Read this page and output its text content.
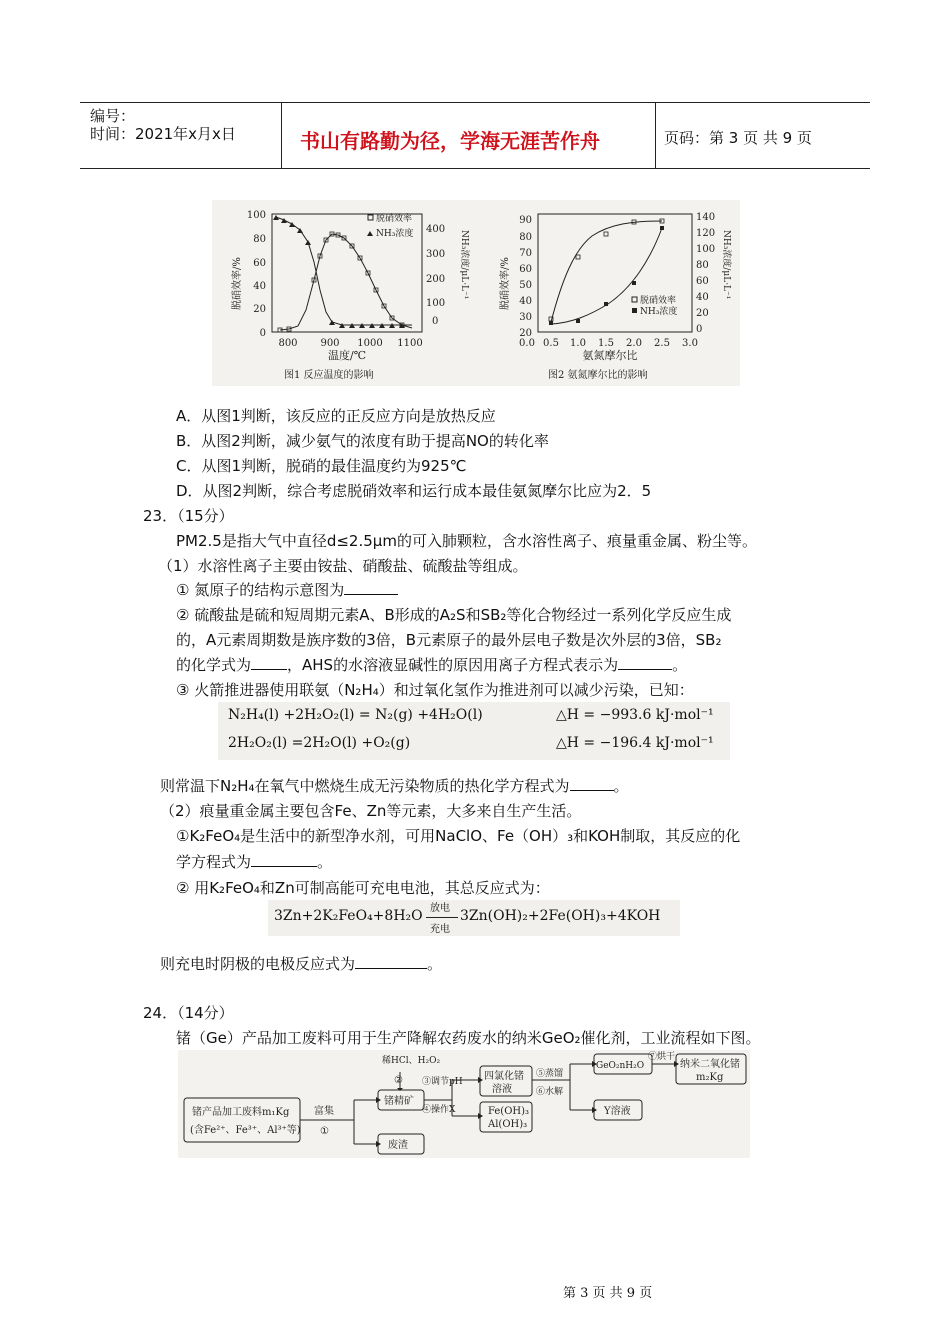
编号：
时间：2021年x月x日	书山有路勤为径，学海无涯苦作舟	页码：第 3 页 共 9 页
100
80
60
40
20
0
400
300
200
100
0
800 900 1000 1100
温度/℃
脱硝效率/%	NH₃浓度/μL·L⁻¹
脱硝效率
NH₃浓度
图1 反应温度的影响
90
80
70
60
50
40
30
20
140
120
100
80
60
40
20
0
0.0 0.5 1.0 1.5 2.0 2.5 3.0
氨氮摩尔比
脱硝效率/%	NH₃浓度/μL·L⁻¹
脱硝效率
NH₃浓度
图2 氨氮摩尔比的影响
A．从图1判断，该反应的正反应方向是放热反应
B．从图2判断，减少氨气的浓度有助于提高NO的转化率
C．从图1判断，脱硝的最佳温度约为925℃
D．从图2判断，综合考虑脱硝效率和运行成本最佳氨氮摩尔比应为2．5
23．（15分）
PM2.5是指大气中直径d≤2.5μm的可入肺颗粒，含水溶性离子、痕量重金属、粉尘等。
（1）水溶性离子主要由铵盐、硝酸盐、硫酸盐等组成。
① 氮原子的结构示意图为
② 硫酸盐是硫和短周期元素A、B形成的A₂S和SB₂等化合物经过一系列化学反应生成
的，A元素周期数是族序数的3倍，B元素原子的最外层电子数是次外层的3倍，SB₂
的化学式为 ，AHS的水溶液显碱性的原因用离子方程式表示为	。
③ 火箭推进器使用联氨（N₂H₄）和过氧化氢作为推进剂可以减少污染，已知：
N₂H₄(l) +2H₂O₂(l) = N₂(g) +4H₂O(l)	△H = −993.6 kJ·mol⁻¹
2H₂O₂(l) =2H₂O(l) +O₂(g)	△H = −196.4 kJ·mol⁻¹
则常温下N₂H₄在氧气中燃烧生成无污染物质的热化学方程式为	。
（2）痕量重金属主要包含Fe、Zn等元素，大多来自生产生活。
①K₂FeO₄是生活中的新型净水剂，可用NaClO、Fe（OH）₃和KOH制取，其反应的化
学方程式为	。
② 用K₂FeO₄和Zn可制高能可充电电池，其总反应式为：
3Zn+2K₂FeO₄+8H₂O 放电
充电
3Zn(OH)₂+2Fe(OH)₃+4KOH
则充电时阴极的电极反应式为	。
24．（14分）
锗（Ge）产品加工废料可用于生产降解农药废水的纳米GeO₂催化剂，工业流程如下图。
锗产品加工废料m₁Kg
(含Fe²⁺、Fe³⁺、Al³⁺等)
富集
①
稀HCl、H₂O₂
②
锗精矿
废渣
③调节pH
④操作X
四氯化锗
溶液
Fe(OH)₃
Al(OH)₃
⑤蒸馏
⑥水解
GeO₂nH₂O
⑦烘干
Y溶液
纳米二氧化锗
m₂Kg
第 3 页 共 9 页
